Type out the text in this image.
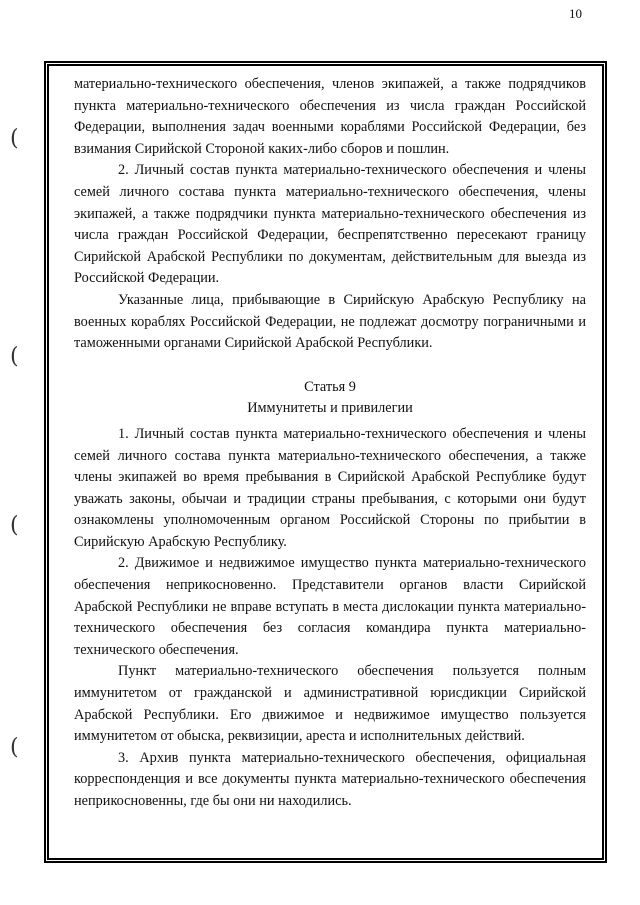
10
(
(
(
(

материально-технического обеспечения, членов экипажей, а также подрядчиков пункта материально-технического обеспечения из числа граждан Российской Федерации, выполнения задач военными кораблями Российской Федерации, без взимания Сирийской Стороной каких-либо сборов и пошлин.

2. Личный состав пункта материально-технического обеспечения и члены семей личного состава пункта материально-технического обеспечения, члены экипажей, а также подрядчики пункта материально-технического обеспечения из числа граждан Российской Федерации, беспрепятственно пересекают границу Сирийской Арабской Республики по документам, действительным для выезда из Российской Федерации.

Указанные лица, прибывающие в Сирийскую Арабскую Республику на военных кораблях Российской Федерации, не подлежат досмотру пограничными и таможенными органами Сирийской Арабской Республики.

Статья 9

Иммунитеты и привилегии

1. Личный состав пункта материально-технического обеспечения и члены семей личного состава пункта материально-технического обеспечения, а также члены экипажей во время пребывания в Сирийской Арабской Республике будут уважать законы, обычаи и традиции страны пребывания, с которыми они будут ознакомлены уполномоченным органом Российской Стороны по прибытии в Сирийскую Арабскую Республику.

2. Движимое и недвижимое имущество пункта материально-технического обеспечения неприкосновенно. Представители органов власти Сирийской Арабской Республики не вправе вступать в места дислокации пункта материально-технического обеспечения без согласия командира пункта материально-технического обеспечения.

Пункт материально-технического обеспечения пользуется полным иммунитетом от гражданской и административной юрисдикции Сирийской Арабской Республики. Его движимое и недвижимое имущество пользуется иммунитетом от обыска, реквизиции, ареста и исполнительных действий.

3. Архив пункта материально-технического обеспечения, официальная корреспонденция и все документы пункта материально-технического обеспечения неприкосновенны, где бы они ни находились.
